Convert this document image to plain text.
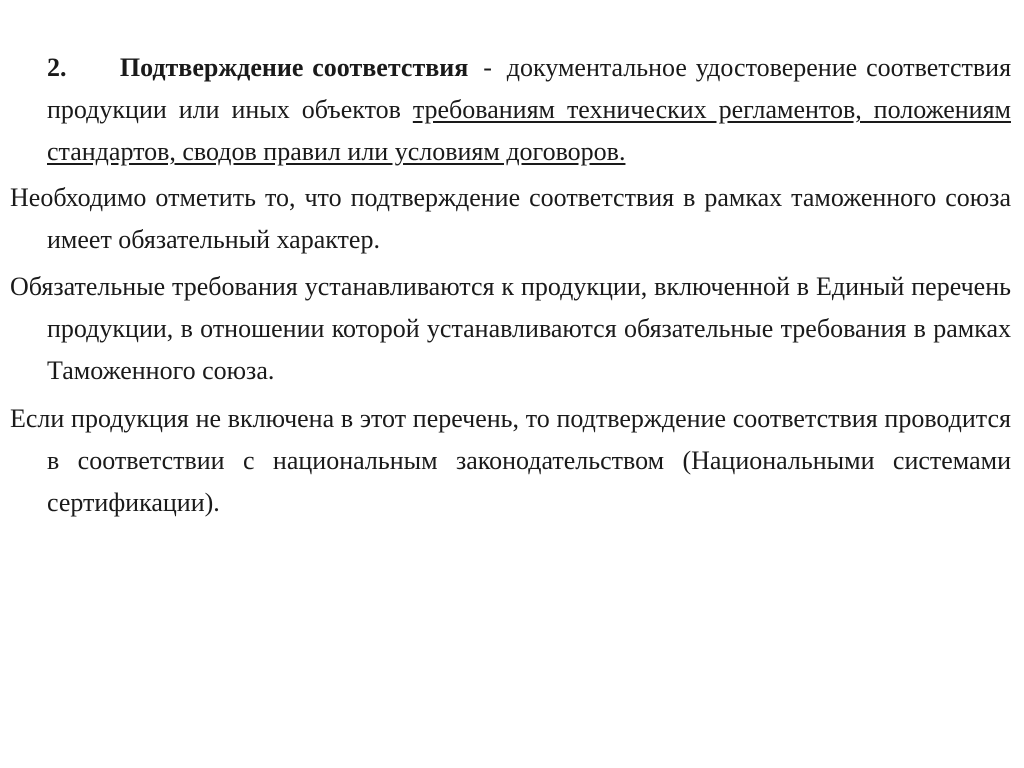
2. Подтверждение соответствия - документальное удостоверение соответствия продукции или иных объектов требованиям технических регламентов, положениям стандартов, сводов правил или условиям договоров.

Необходимо отметить то, что подтверждение соответствия в рамках таможенного союза имеет обязательный характер.

Обязательные требования устанавливаются к продукции, включенной в Единый перечень продукции, в отношении которой устанавливаются обязательные требования в рамках Таможенного союза.

Если продукция не включена в этот перечень, то подтверждение соответствия проводится в соответствии с национальным законодательством (Национальными системами сертификации).
